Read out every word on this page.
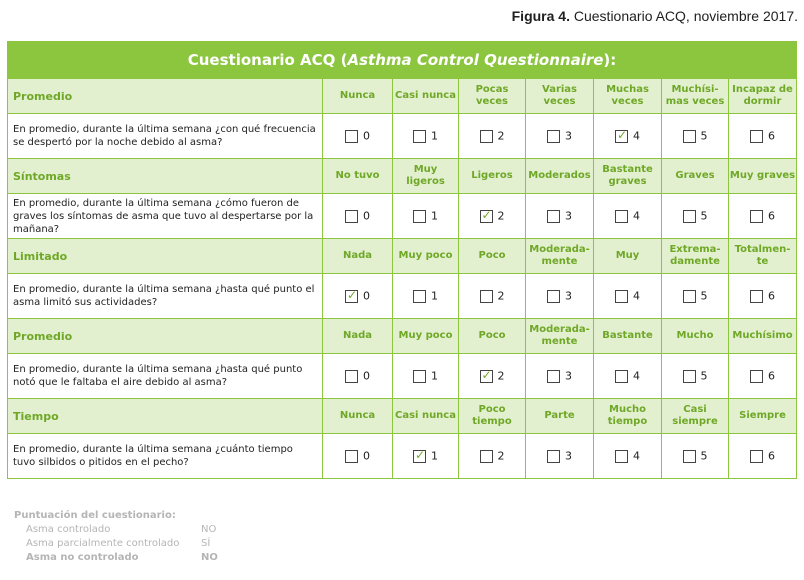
Figura 4. Cuestionario ACQ, noviembre 2017.
Cuestionario ACQ (Asthma Control Questionnaire):							
Promedio	Nunca	Casi nunca	Pocas veces	Varias veces	Muchas veces	Muchísi-mas veces	Incapaz de dormir
En promedio, durante la última semana ¿con qué frecuencia se despertó por la noche debido al asma?	0	1	2	3	✓ 4	5	6
Síntomas	No tuvo	Muy ligeros	Ligeros	Moderados	Bastante graves	Graves	Muy graves
En promedio, durante la última semana ¿cómo fueron de graves los síntomas de asma que tuvo al despertarse por la mañana?	0	1	✓ 2	3	4	5	6
Limitado	Nada	Muy poco	Poco	Moderada-mente	Muy	Extrema-damente	Totalmen-te
En promedio, durante la última semana ¿hasta qué punto el asma limitó sus actividades?	✓ 0	1	2	3	4	5	6
Promedio	Nada	Muy poco	Poco	Moderada-mente	Bastante	Mucho	Muchísimo
En promedio, durante la última semana ¿hasta qué punto notó que le faltaba el aire debido al asma?	0	1	✓ 2	3	4	5	6
Tiempo	Nunca	Casi nunca	Poco tiempo	Parte	Mucho tiempo	Casi siempre	Siempre
En promedio, durante la última semana ¿cuánto tiempo tuvo silbidos o pitidos en el pecho?	0	✓ 1	2	3	4	5	6
Puntuación del cuestionario:
Asma controlado	NO
Asma parcialmente controlado SÍ
Asma no controlado	NO
